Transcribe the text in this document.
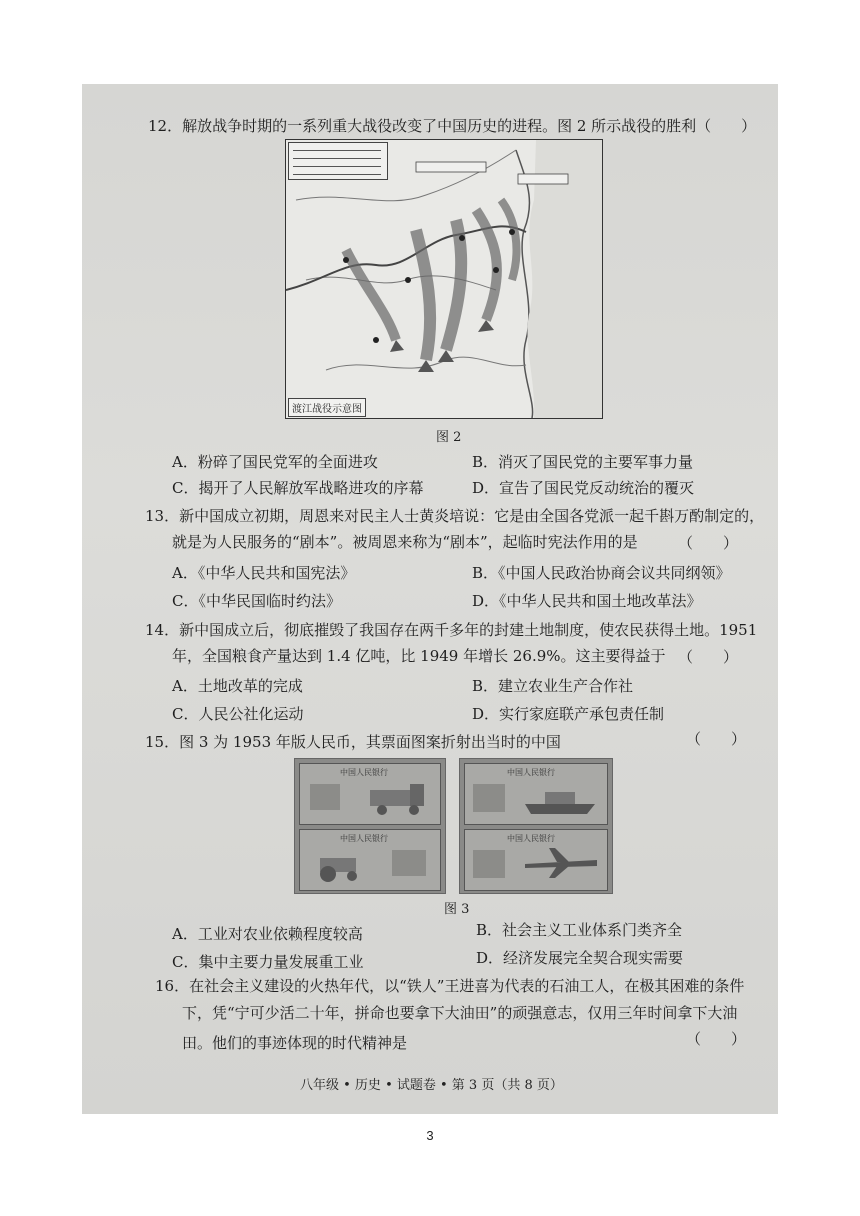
12．解放战争时期的一系列重大战役改变了中国历史的进程。图 2 所示战役的胜利（　　）
渡江战役示意图
图 2
A．粉碎了国民党军的全面进攻	B．消灭了国民党的主要军事力量
C．揭开了人民解放军战略进攻的序幕	D．宣告了国民党反动统治的覆灭
13．新中国成立初期，周恩来对民主人士黄炎培说：它是由全国各党派一起千斟万酌制定的，
就是为人民服务的“剧本”。被周恩来称为“剧本”，起临时宪法作用的是	（　　）
A．《中华人民共和国宪法》	B．《中国人民政治协商会议共同纲领》
C．《中华民国临时约法》	D．《中华人民共和国土地改革法》
14．新中国成立后，彻底摧毁了我国存在两千多年的封建土地制度，使农民获得土地。1951
年，全国粮食产量达到 1.4 亿吨，比 1949 年增长 26.9%。这主要得益于 （　　）
A．土地改革的完成	B．建立农业生产合作社
C．人民公社化运动	D．实行家庭联产承包责任制
15．图 3 为 1953 年版人民币，其票面图案折射出当时的中国	（　　）
中国人民银行
中国人民银行
中国人民银行
中国人民银行
图 3
A．工业对农业依赖程度较高	B．社会主义工业体系门类齐全
C．集中主要力量发展重工业	D．经济发展完全契合现实需要
16．在社会主义建设的火热年代，以“铁人”王进喜为代表的石油工人，在极其困难的条件
下，凭“宁可少活二十年，拼命也要拿下大油田”的顽强意志，仅用三年时间拿下大油
（　　）
田。他们的事迹体现的时代精神是
八年级 • 历史 • 试题卷 • 第 3 页（共 8 页）
3
